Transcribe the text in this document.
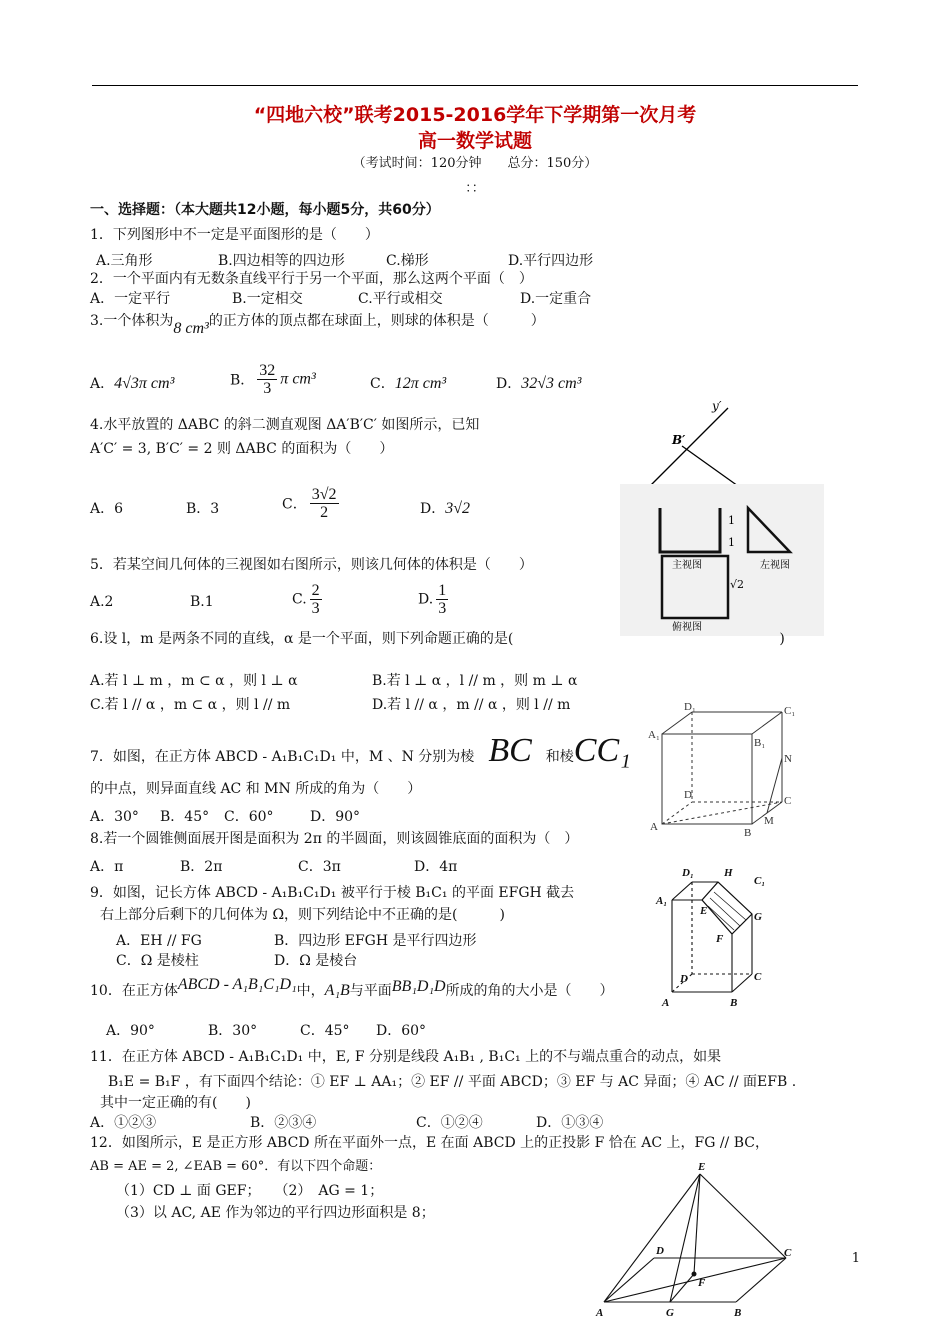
“四地六校”联考2015-2016学年下学期第一次月考
高一数学试题
（考试时间：120分钟　　总分：150分）
：：
一、选择题：（本大题共12小题，每小题5分，共60分）
1．下列图形中不一定是平面图形的是（　　）
A.三角形	B.四边相等的四边形	C.梯形	D.平行四边形
2．一个平面内有无数条直线平行于另一个平面，那么这两个平面（　）
A．一定平行	B.一定相交	C.平行或相交	D.一定重合
3.一个体积为8 cm³的正方体的顶点都在球面上，则球的体积是（　　　）
A．4√3π cm³	B． $\frac{32}{3}$ π cm³	C．12π cm³	D．32√3 cm³
4.水平放置的 ΔABC 的斜二测直观图 ΔA′B′C′ 如图所示，已知
A′C′ = 3, B′C′ = 2 则 ΔABC 的面积为（　　）
A．6	B．3	C． $\frac{3√2}{2}$	D．3√2
y′
B′
1
1
主视图	左视图
√2
俯视图
5．若某空间几何体的三视图如右图所示，则该几何体的体积是（　　）
A.2	B.1	C. $\frac{2}{3}$	D. $\frac{1}{3}$
6.设 l，m 是两条不同的直线，α 是一个平面，则下列命题正确的是(　　　　　　　　　　　　　　　　　　　)
A.若 l ⊥ m ，m ⊂ α ，则 l ⊥ α	B.若 l ⊥ α ，l // m ，则 m ⊥ α
C.若 l // α ，m ⊂ α ，则 l // m	D.若 l // α ，m // α ，则 l // m	D₁	C₁
A₁
B₁
N
D	C
A	B
M
7．如图，在正方体 ABCD - A₁B₁C₁D₁ 中，M 、N 分别为棱 BC 和棱CC₁
的中点，则异面直线 AC 和 MN 所成的角为（　　）
A．30° B．45° C．60°	D．90°
8.若一个圆锥侧面展开图是面积为 2π 的半圆面，则该圆锥底面的面积为（　）
A．π	B．2π	C．3π	D．4π	D₁	H
C₁
A₁
E	G
F
D	C
A	B
9．如图，记长方体 ABCD - A₁B₁C₁D₁ 被平行于棱 B₁C₁ 的平面 EFGH 截去
右上部分后剩下的几何体为 Ω，则下列结论中不正确的是(　　　)
A．EH // FG	B．四边形 EFGH 是平行四边形
C．Ω 是棱柱	D．Ω 是棱台
10．在正方体ABCD - A₁B₁C₁D₁中，A₁B与平面BB₁D₁D所成的角的大小是（　　）
A．90°	B．30°	C．45° D．60°
11．在正方体 ABCD - A₁B₁C₁D₁ 中，E, F 分别是线段 A₁B₁ , B₁C₁ 上的不与端点重合的动点，如果
B₁E = B₁F ，有下面四个结论：① EF ⊥ AA₁；② EF // 平面 ABCD；③ EF 与 AC 异面；④ AC // 面EFB .
其中一定正确的有(　　)
A．①②③	B．②③④	C．①②④	D．①③④
12．如图所示，E 是正方形 ABCD 所在平面外一点，E 在面 ABCD 上的正投影 F 恰在 AC 上，FG // BC，
AB = AE = 2, ∠EAB = 60°．有以下四个命题：
（1）CD ⊥ 面 GEF；　　（2）　AG = 1；
（3）以 AC, AE 作为邻边的平行四边形面积是 8；
E
D	C
F
A	G	B
1
